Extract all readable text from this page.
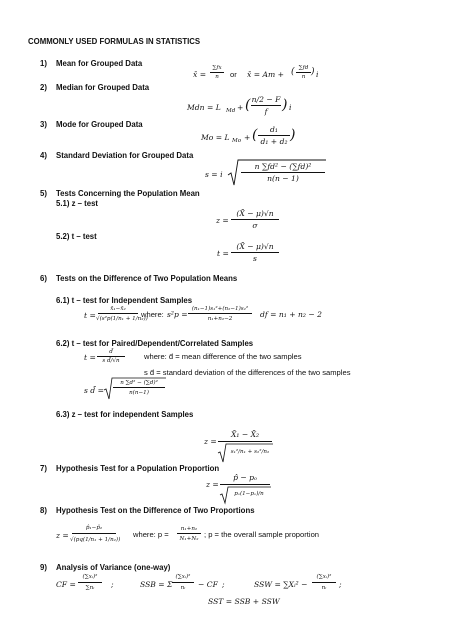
COMMONLY USED FORMULAS IN STATISTICS
1) Mean for Grouped Data
2) Median for Grouped Data
3) Mode for Grouped Data
4) Standard Deviation for Grouped Data
5) Tests Concerning the Population Mean
5.1) z – test
5.2) t – test
6) Tests on the Difference of Two Population Means
6.1) t – test for Independent Samples
6.2) t – test for Paired/Dependent/Correlated Samples
6.3) z – test for independent Samples
7) Hypothesis Test for a Population Proportion
8) Hypothesis Test on the Difference of Two Proportions
9) Analysis of Variance (one-way)
x̄ =
∑fx
n	or x̄ = Am + ( ∑fd
n ) i
Mdn = L Md + ( n/2 − F
f	) i
Mo = L Mo + (	d₁
d₁ + d₂ )
s = i
n ∑fd² − (∑fd)²
n(n − 1)
z =
(X̄ − μ)√n
σ
t =
(X̄ − μ)√n
s
t =
x̄₁−x̄₂
√(s²p(1/n₁ + 1/n₂))
where: s²p =
(n₁−1)s₁²+(n₂−1)s₂²
n₁+n₂−2	df = n₁ + n₂ − 2
t =
d̄
s d̄/√n	where: d̄ = mean difference of the two samples
s d̄ = standard deviation of the differences of the two samples
s d̄ =
n ∑d² − (∑d)²
n(n−1)
z =
X̄₁ − X̄₂
s₁²/n₁ + s₂²/n₂
z =
p̂ − pₒ
pₒ(1−pₒ)/n
z =
p̂₁−p̂₂
√(pq(1/n₁ + 1/n₂))
where: p =
n₁+n₂
N₁+N₂ ; p = the overall sample proportion
CF =
(∑xᵢ)²
∑nᵢ	;	SSB = Σ
(∑xᵢ)²
nᵢ	− CF ;	SSW = ∑Xᵢ² −
(∑xᵢ)²
nᵢ	;
SST = SSB + SSW
